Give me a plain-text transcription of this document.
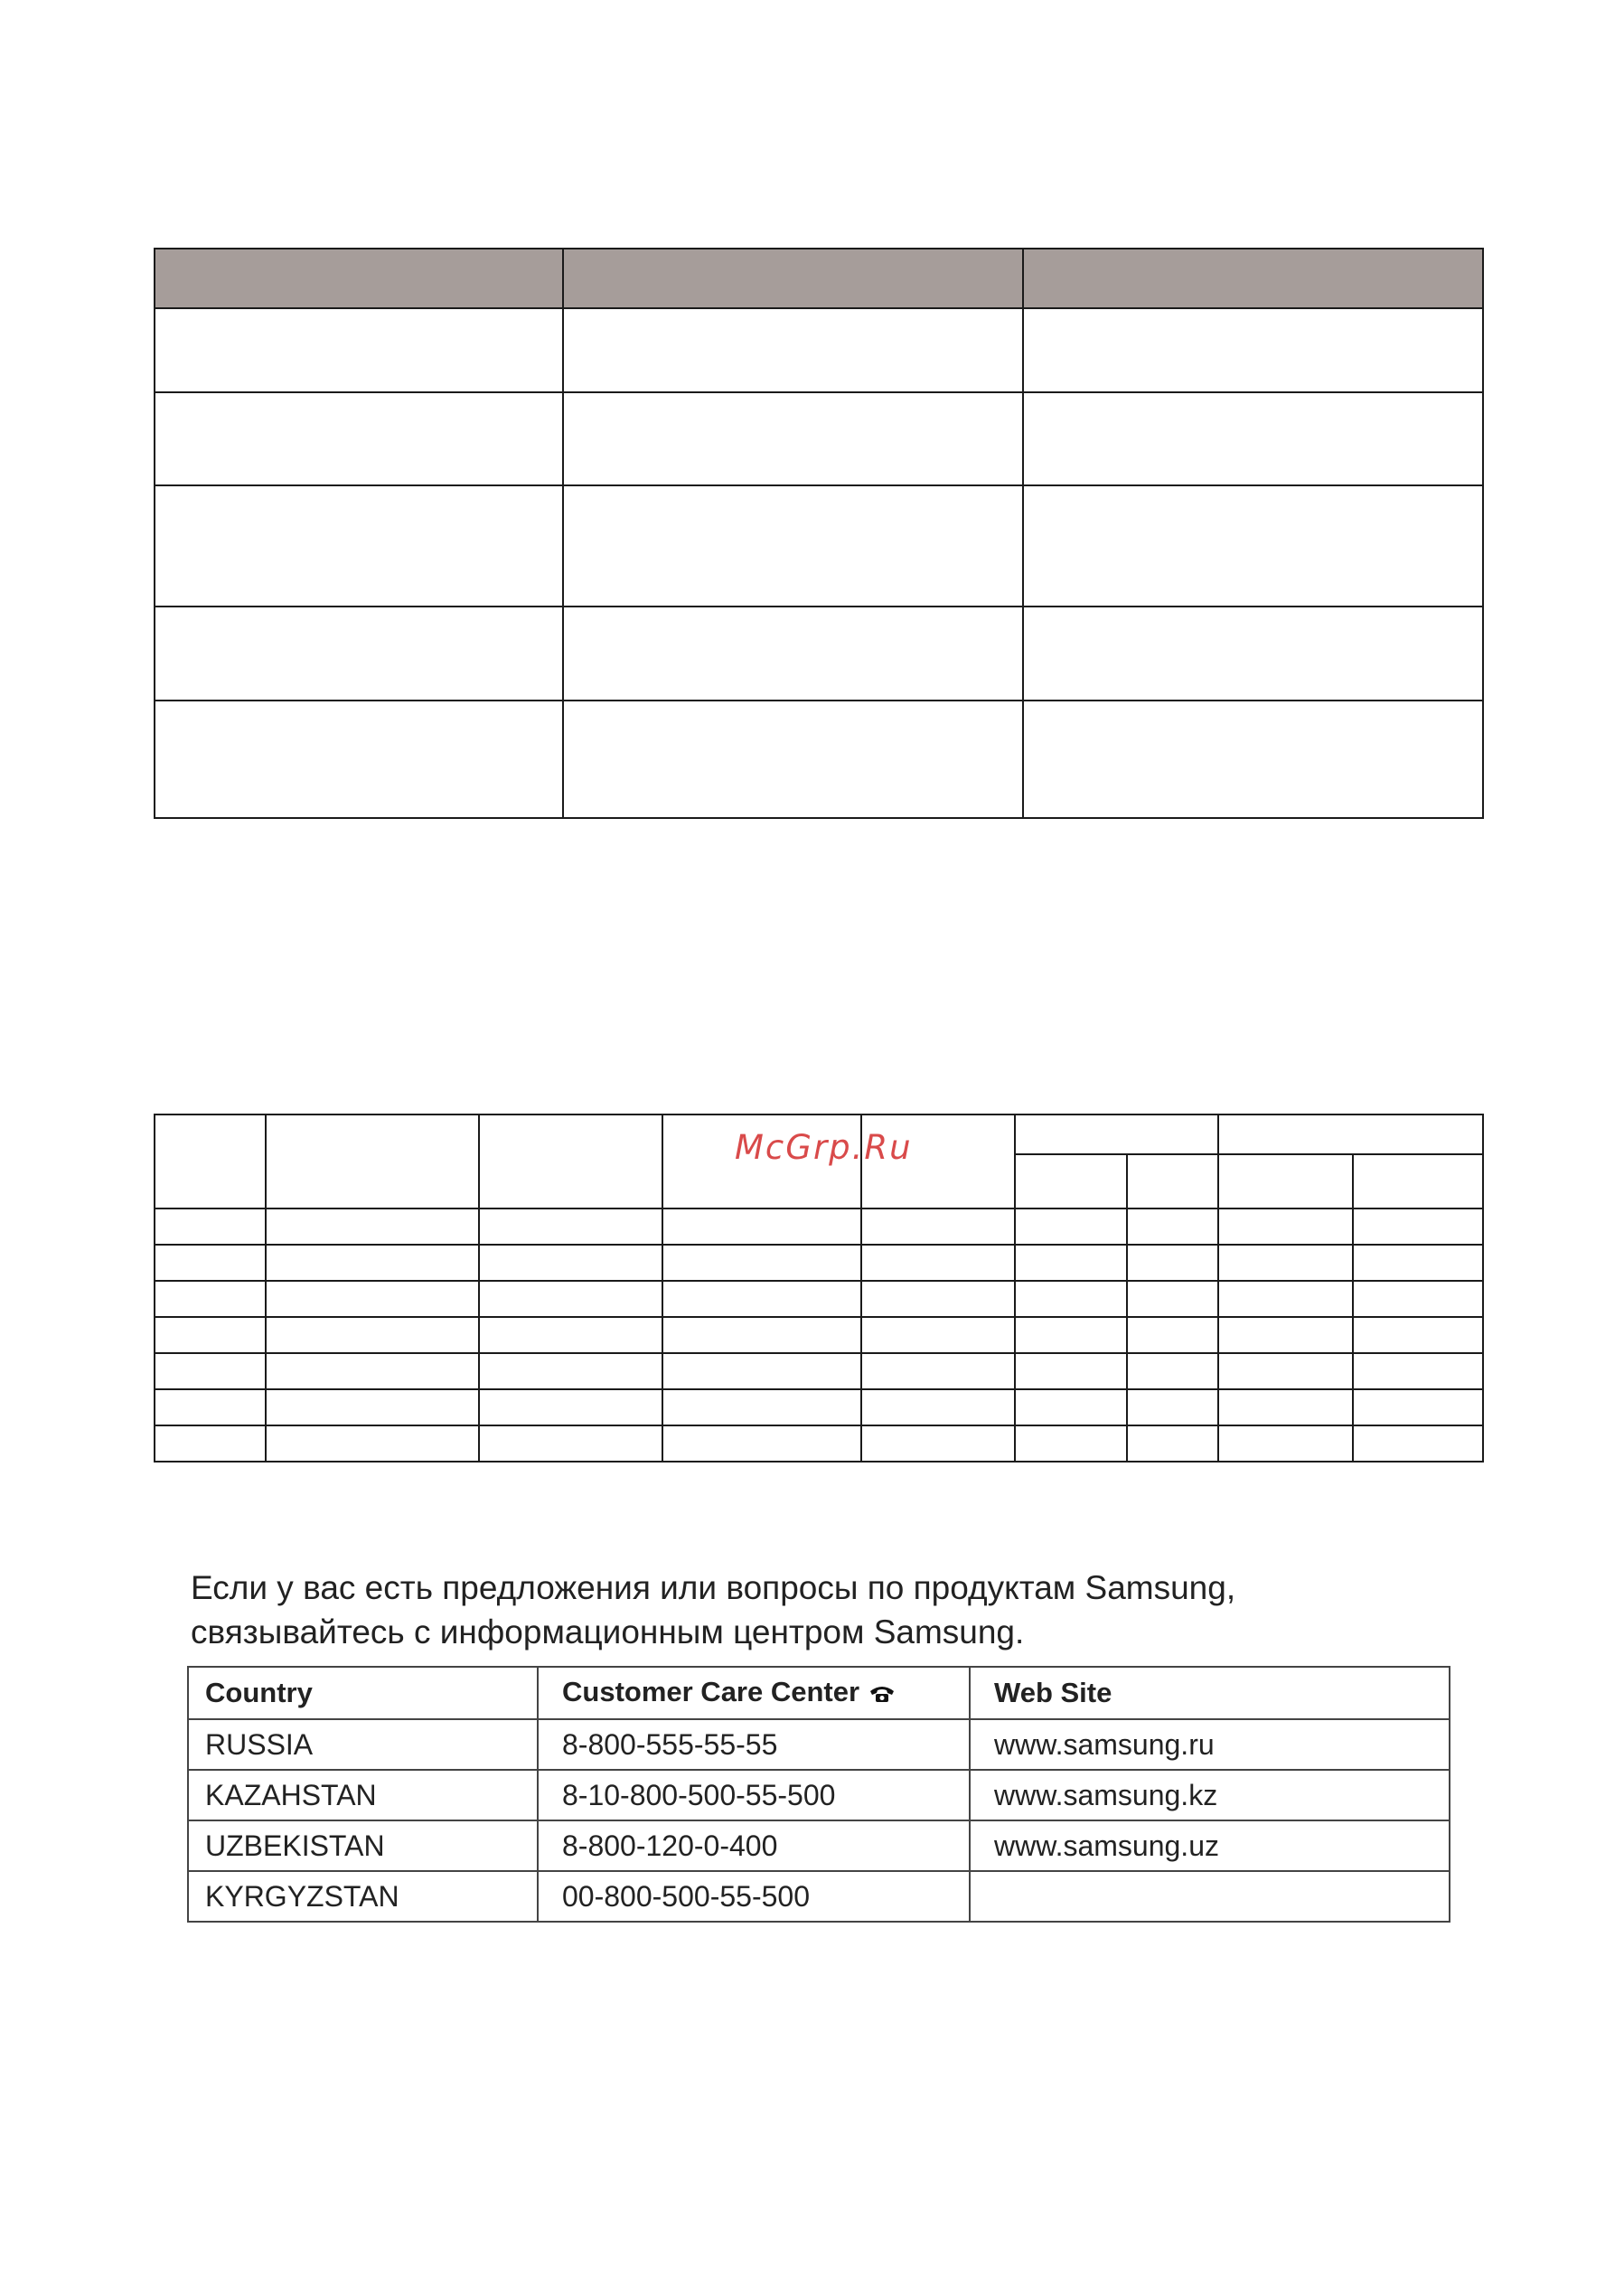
McGrp.Ru
Если у вас есть предложения или вопросы по продуктам Samsung,
связывайтесь с информационным центром Samsung.
Country	Customer Care Center	Web Site
RUSSIA	8-800-555-55-55	www.samsung.ru
KAZAHSTAN	8-10-800-500-55-500	www.samsung.kz
UZBEKISTAN	8-800-120-0-400	www.samsung.uz
KYRGYZSTAN	00-800-500-55-500	
